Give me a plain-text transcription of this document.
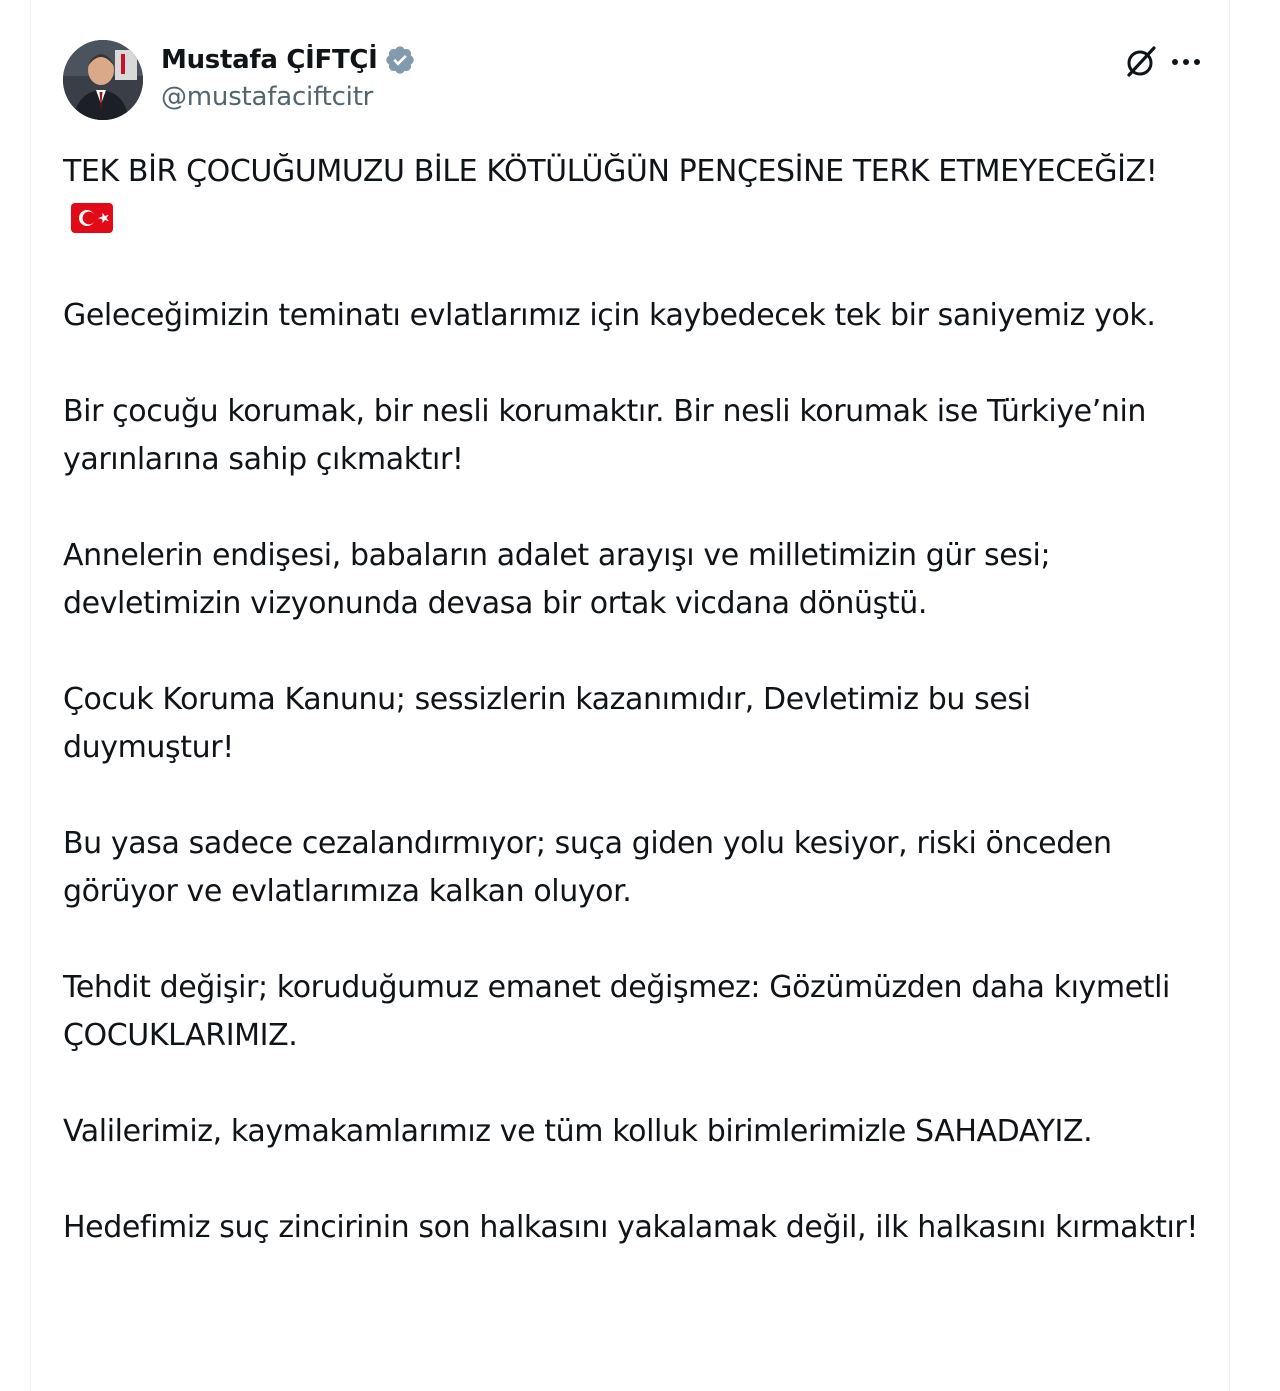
Mustafa ÇİFTÇİ
@mustafaciftcitr

TEK BİR ÇOCUĞUMUZU BİLE KÖTÜLÜĞÜN PENÇESİNE TERK ETMEYECEĞİZ!

Geleceğimizin teminatı evlatlarımız için kaybedecek tek bir saniyemiz yok.

Bir çocuğu korumak, bir nesli korumaktır. Bir nesli korumak ise Türkiye’nin yarınlarına sahip çıkmaktır!

Annelerin endişesi, babaların adalet arayışı ve milletimizin gür sesi; devletimizin vizyonunda devasa bir ortak vicdana dönüştü.

Çocuk Koruma Kanunu; sessizlerin kazanımıdır, Devletimiz bu sesi duymuştur!

Bu yasa sadece cezalandırmıyor; suça giden yolu kesiyor, riski önceden görüyor ve evlatlarımıza kalkan oluyor.

Tehdit değişir; koruduğumuz emanet değişmez: Gözümüzden daha kıymetli ÇOCUKLARIMIZ.

Valilerimiz, kaymakamlarımız ve tüm kolluk birimlerimizle SAHADAYIZ.

Hedefimiz suç zincirinin son halkasını yakalamak değil, ilk halkasını kırmaktır!
